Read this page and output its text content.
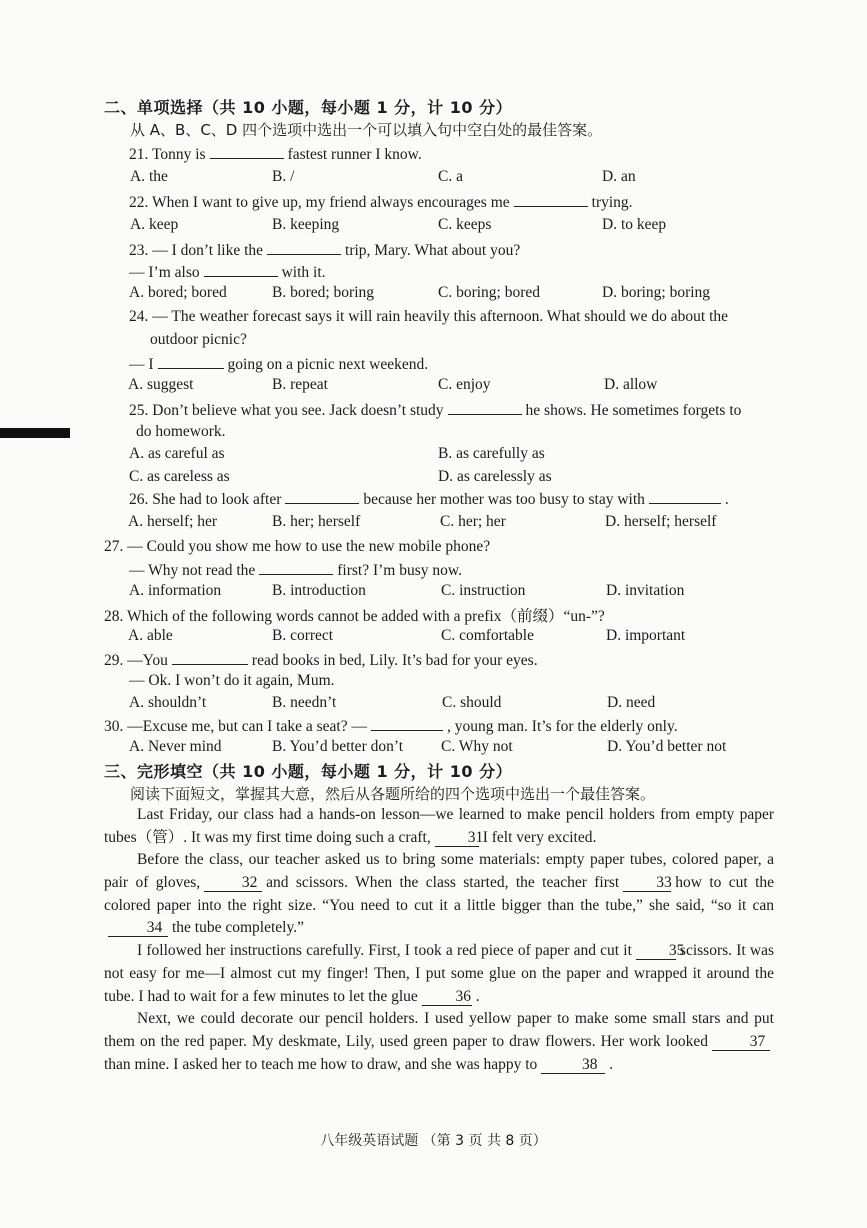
二、单项选择（共 10 小题，每小题 1 分，计 10 分）
从 A、B、C、D 四个选项中选出一个可以填入句中空白处的最佳答案。
21. Tonny is	fastest runner I know.
A. the	B. /	C. a	D. an
22. When I want to give up, my friend always encourages me	trying.
A. keep	B. keeping	C. keeps	D. to keep
23. — I don’t like the	trip, Mary. What about you?
— I’m also	with it.
A. bored; bored	B. bored; boring	C. boring; bored	D. boring; boring
24. — The weather forecast says it will rain heavily this afternoon. What should we do about the
outdoor picnic?
— I	going on a picnic next weekend.
A. suggest	B. repeat	C. enjoy	D. allow
25. Don’t believe what you see. Jack doesn’t study	he shows. He sometimes forgets to
do homework.
A. as careful as	B. as carefully as
C. as careless as	D. as carelessly as
26. She had to look after	because her mother was too busy to stay with	.
A. herself; her	B. her; herself	C. her; her	D. herself; herself
27. — Could you show me how to use the new mobile phone?
— Why not read the	first? I’m busy now.
A. information	B. introduction	C. instruction	D. invitation
28. Which of the following words cannot be added with a prefix（前缀）“un-”?
A. able	B. correct	C. comfortable	D. important
29. —You	read books in bed, Lily. It’s bad for your eyes.
— Ok. I won’t do it again, Mum.
A. shouldn’t	B. needn’t	C. should	D. need
30. —Excuse me, but can I take a seat? —	, young man. It’s for the elderly only.
A. Never mind	B. You’d better don’t C. Why not	D. You’d better not
三、完形填空（共 10 小题，每小题 1 分，计 10 分）
阅读下面短文，掌握其大意，然后从各题所给的四个选项中选出一个最佳答案。
Last Friday, our class had a hands-on lesson—we learned to make pencil holders from empty paper tubes（管）. It was my first time doing such a craft, 31I felt very excited.
Before the class, our teacher asked us to bring some materials: empty paper tubes, colored paper, a pair of gloves,	32 and scissors. When the class started, the teacher first 33 how to cut the colored paper into the right size. “You need to cut it a little bigger than the tube,” she said, “so it can34 the tube completely.”
I followed her instructions carefully. First, I took a red piece of paper and cut it 35scissors. It was not easy for me—I almost cut my finger! Then, I put some glue on the paper and wrapped it around the tube. I had to wait for a few minutes to let the glue 36 .
Next, we could decorate our pencil holders. I used yellow paper to make some small stars and put them on the red paper. My deskmate, Lily, used green paper to draw flowers. Her work looked	37than mine. I asked her to teach me how to draw, and she was happy to	38 .
八年级英语试题 （第 3 页 共 8 页）
